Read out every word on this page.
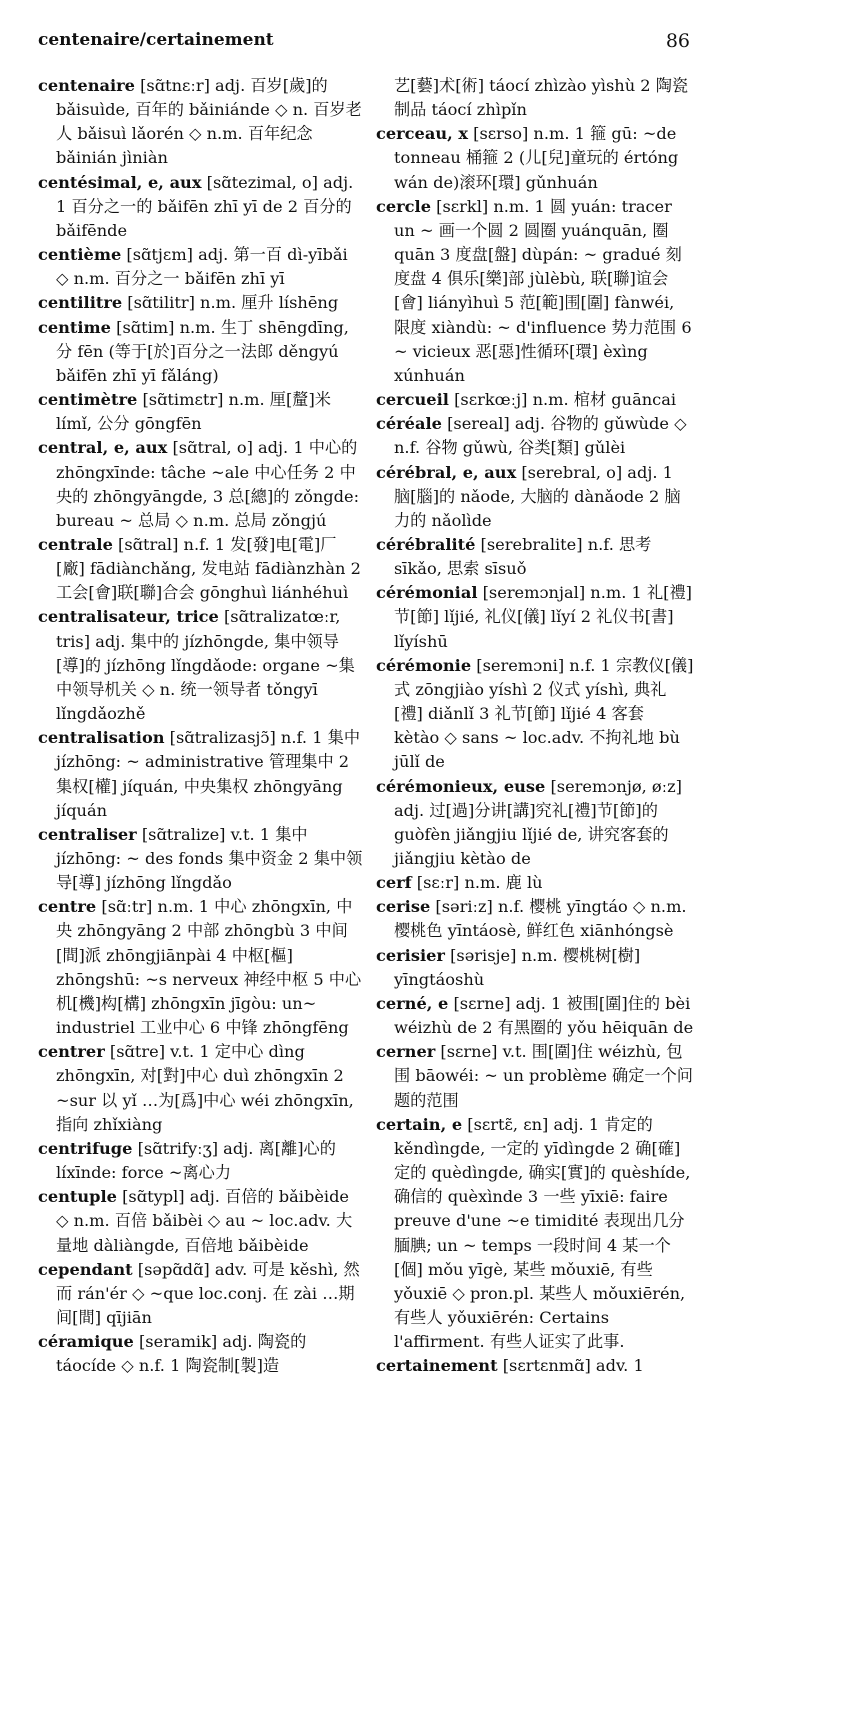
centenaire/certainement	86

centenaire [sɑ̃tnɛːr] adj. 百岁[歲]的 bǎisuìde, 百年的 bǎiniánde ◇ n. 百岁老人 bǎisuì lǎorén ◇ n.m. 百年纪念 bǎinián jìniàn

centésimal, e, aux [sɑ̃tezimal, o] adj. 1 百分之一的 bǎifēn zhī yī de 2 百分的 bǎifēnde

centième [sɑ̃tjɛm] adj. 第一百 dì-yībǎi ◇ n.m. 百分之一 bǎifēn zhī yī

centilitre [sɑ̃tilitr] n.m. 厘升 líshēng

centime [sɑ̃tim] n.m. 生丁 shēngdīng, 分 fēn (等于[於]百分之一法郎 děngyú bǎifēn zhī yī fǎláng)

centimètre [sɑ̃timɛtr] n.m. 厘[釐]米 límǐ, 公分 gōngfēn

central, e, aux [sɑ̃tral, o] adj. 1 中心的 zhōngxīnde: tâche ~ale 中心任务 2 中央的 zhōngyāngde, 3 总[總]的 zǒngde: bureau ~ 总局 ◇ n.m. 总局 zǒngjú

centrale [sɑ̃tral] n.f. 1 发[發]电[電]厂[廠] fādiànchǎng, 发电站 fādiànzhàn 2 工会[會]联[聯]合会 gōnghuì liánhéhuì

centralisateur, trice [sɑ̃tralizatœːr, tris] adj. 集中的 jízhōngde, 集中领导[導]的 jízhōng lǐngdǎode: organe ~集中领导机关 ◇ n. 统一领导者 tǒngyī lǐngdǎozhě

centralisation [sɑ̃tralizasjɔ̃] n.f. 1 集中 jízhōng: ~ administrative 管理集中 2 集权[權] jíquán, 中央集权 zhōngyāng jíquán

centraliser [sɑ̃tralize] v.t. 1 集中 jízhōng: ~ des fonds 集中资金 2 集中领导[導] jízhōng lǐngdǎo

centre [sɑ̃ːtr] n.m. 1 中心 zhōngxīn, 中央 zhōngyāng 2 中部 zhōngbù 3 中间[間]派 zhōngjiānpài 4 中枢[樞] zhōngshū: ~s nerveux 神经中枢 5 中心机[機]构[構] zhōngxīn jīgòu: un~ industriel 工业中心 6 中锋 zhōngfēng

centrer [sɑ̃tre] v.t. 1 定中心 dìng zhōngxīn, 对[對]中心 duì zhōngxīn 2 ~sur 以 yǐ …为[爲]中心 wéi zhōngxīn, 指向 zhǐxiàng

centrifuge [sɑ̃trifyːʒ] adj. 离[離]心的 líxīnde: force ~离心力

centuple [sɑ̃typl] adj. 百倍的 bǎibèide ◇ n.m. 百倍 bǎibèi ◇ au ~ loc.adv. 大量地 dàliàngde, 百倍地 bǎibèide

cependant [səpɑ̃dɑ̃] adv. 可是 kěshì, 然而 rán'ér ◇ ~que loc.conj. 在 zài …期间[間] qījiān

céramique [seramik] adj. 陶瓷的 táocíde ◇ n.f. 1 陶瓷制[製]造

艺[藝]术[術] táocí zhìzào yìshù 2 陶瓷制品 táocí zhìpǐn

cerceau, x [sɛrso] n.m. 1 箍 gū: ~de tonneau 桶箍 2 (儿[兒]童玩的 értóng wán de)滚环[環] gǔnhuán

cercle [sɛrkl] n.m. 1 圆 yuán: tracer un ~ 画一个圆 2 圆圈 yuánquān, 圈 quān 3 度盘[盤] dùpán: ~ gradué 刻度盘 4 俱乐[樂]部 jùlèbù, 联[聯]谊会[會] liányìhuì 5 范[範]围[圍] fànwéi, 限度 xiàndù: ~ d'influence 势力范围 6 ~ vicieux 恶[惡]性循环[環] èxìng xúnhuán

cercueil [sɛrkœːj] n.m. 棺材 guāncai

céréale [sereal] adj. 谷物的 gǔwùde ◇ n.f. 谷物 gǔwù, 谷类[類] gǔlèi

cérébral, e, aux [serebral, o] adj. 1 脑[腦]的 nǎode, 大脑的 dànǎode 2 脑力的 nǎolìde

cérébralité [serebralite] n.f. 思考 sīkǎo, 思索 sīsuǒ

cérémonial [seremɔnjal] n.m. 1 礼[禮]节[節] lǐjié, 礼仪[儀] lǐyí 2 礼仪书[書] lǐyíshū

cérémonie [seremɔni] n.f. 1 宗教仪[儀]式 zōngjiào yíshì 2 仪式 yíshì, 典礼[禮] diǎnlǐ 3 礼节[節] lǐjié 4 客套 kètào ◇ sans ~ loc.adv. 不拘礼地 bù jūlǐ de

cérémonieux, euse [seremɔnjø, øːz] adj. 过[過]分讲[講]究礼[禮]节[節]的 guòfèn jiǎngjiu lǐjié de, 讲究客套的 jiǎngjiu kètào de

cerf [sɛːr] n.m. 鹿 lù

cerise [səriːz] n.f. 樱桃 yīngtáo ◇ n.m. 樱桃色 yīntáosè, 鲜红色 xiānhóngsè

cerisier [sərisje] n.m. 樱桃树[樹] yīngtáoshù

cerné, e [sɛrne] adj. 1 被围[圍]住的 bèi wéizhù de 2 有黑圈的 yǒu hēiquān de

cerner [sɛrne] v.t. 围[圍]住 wéizhù, 包围 bāowéi: ~ un problème 确定一个问题的范围

certain, e [sɛrtɛ̃, ɛn] adj. 1 肯定的 kěndìngde, 一定的 yīdìngde 2 确[確]定的 quèdìngde, 确实[實]的 quèshíde, 确信的 quèxìnde 3 一些 yīxiē: faire preuve d'une ~e timidité 表现出几分腼腆; un ~ temps 一段时间 4 某一个[個] mǒu yīgè, 某些 mǒuxiē, 有些 yǒuxiē ◇ pron.pl. 某些人 mǒuxiērén, 有些人 yǒuxiērén: Certains l'affirment. 有些人证实了此事.

certainement [sɛrtɛnmɑ̃] adv. 1
